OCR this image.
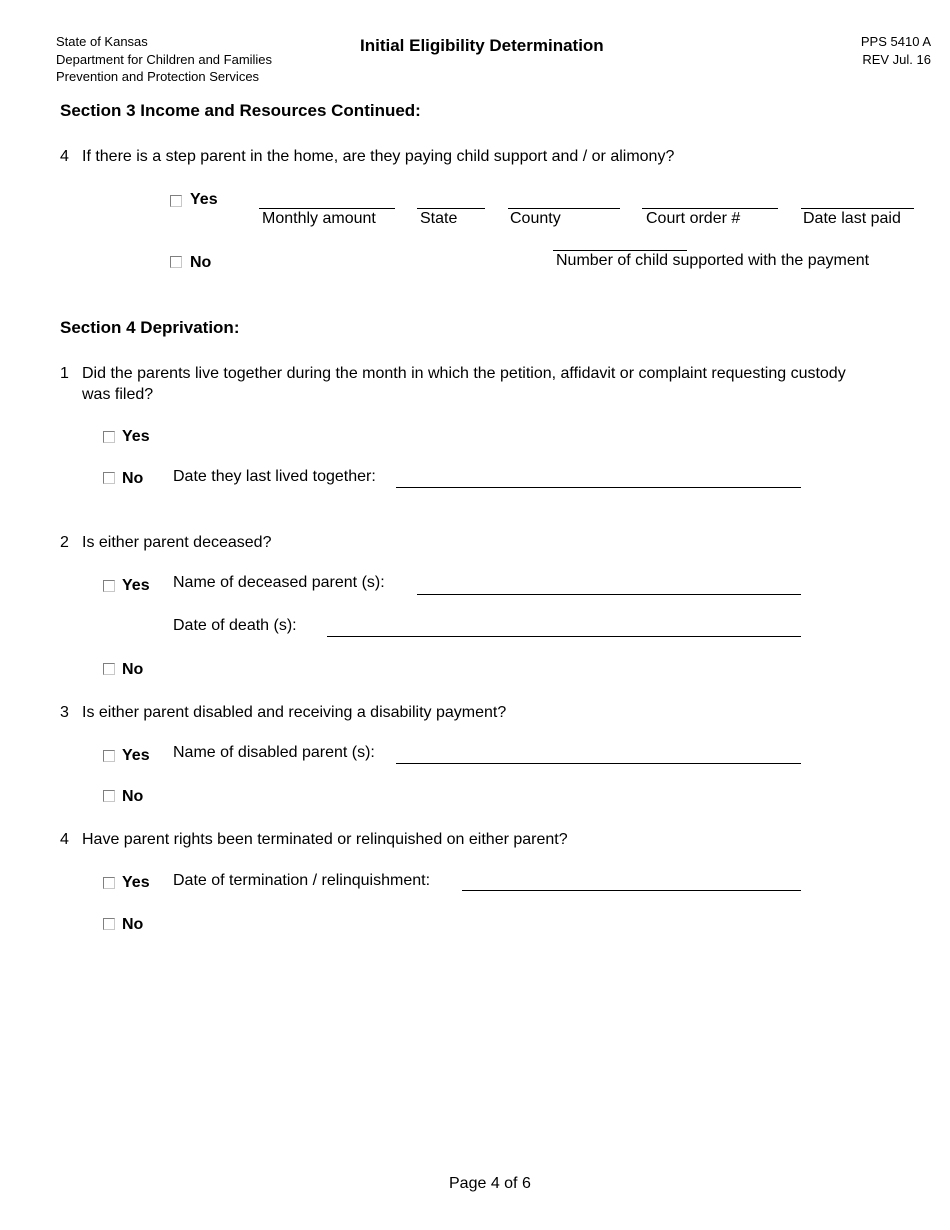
State of Kansas
Department for Children and Families
Prevention and Protection Services
Initial Eligibility Determination	PPS 5410 A
REV Jul. 16
Section 3 Income and Resources Continued:
4 If there is a step parent in the home, are they paying child support and / or alimony?
Yes
Monthly amount	State	County	Court order #	Date last paid
No	Number of child supported with the payment
Section 4 Deprivation:
1 Did the parents live together during the month in which the petition, affidavit or complaint requesting custody
was filed?
Yes
No Date they last lived together:
2 Is either parent deceased?
Yes Name of deceased parent (s):
Date of death (s):
No
3 Is either parent disabled and receiving a disability payment?
Yes Name of disabled parent (s):
No
4 Have parent rights been terminated or relinquished on either parent?
Yes Date of termination / relinquishment:
No
Page 4 of 6
